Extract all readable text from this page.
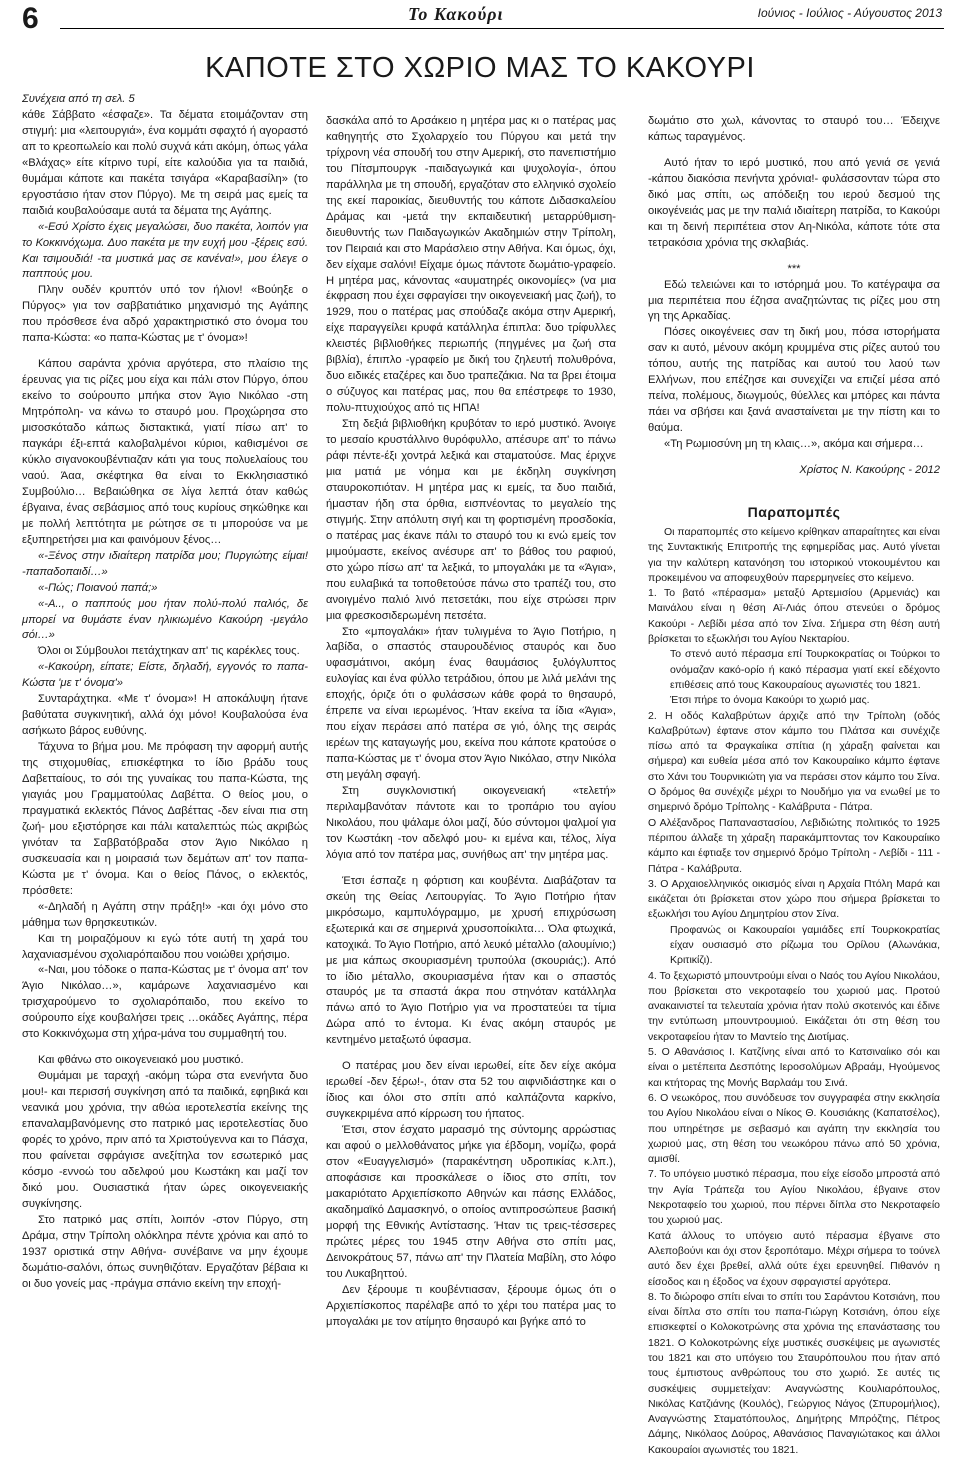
6	Το Κακούρι	Ιούνιος - Ιούλιος - Αύγουστος 2013
ΚΑΠΟΤΕ ΣΤΟ ΧΩΡΙΟ ΜΑΣ ΤΟ ΚΑΚΟΥΡΙ

Συνέχεια από τη σελ. 5

κάθε Σάββατο «έσφαζε». Τα δέματα ετοιμάζονταν στη στιγμή: μια «λειτουργιά», ένα κομμάτι σφαχτό ή αγοραστό απ το κρεοπωλείο και πολύ συχνά κάτι ακόμη, όπως γάλα «Βλάχας» είτε κίτρινο τυρί, είτε καλούδια για τα παιδιά, θυμάμαι κάποτε και πακέτα τσιγάρα «Καραβασίλη» (το εργοστάσιο ήταν στον Πύργο). Με τη σειρά μας εμείς τα παιδιά κουβαλούσαμε αυτά τα δέματα της Αγάπης.

«-Εσύ Χρίστο έχεις μεγαλώσει, δυο πακέτα, λοιπόν για το Κοκκινόχωμα. Δυο πακέτα με την ευχή μου -ξέρεις εσύ. Και τσιμουδιά! -τα μυστικά μας σε κανένα!», μου έλεγε ο παππούς μου.

Πλην ουδέν κρυπτόν υπό τον ήλιον! «Βούηξε ο Πύργος» για τον σαββατιάτικο μηχανισμό της Αγάπης που πρόσθεσε ένα αδρό χαρακτηριστικό στο όνομα του παπα-Κώστα: «ο παπα-Κώστας με τ' όνομα»!

Κάπου σαράντα χρόνια αργότερα, στο πλαίσιο της έρευνας για τις ρίζες μου είχα και πάλι στον Πύργο, όπου εκείνο το σούρουπο μπήκα στον Άγιο Νικόλαο -στη Μητρόπολη- να κάνω το σταυρό μου. Προχώρησα στο μισοσκόταδο κάπως διστακτικά, γιατί πίσω απ' το παγκάρι έξι-επτά καλοβαλμένοι κύριοι, καθισμένοι σε κύκλο σιγανοκουβέντιαζαν κάτι για τους πολυελαίους του ναού. Άαα, σκέφτηκα θα είναι το Εκκλησιαστικό Συμβούλιο… Βεβαιώθηκα σε λίγα λεπτά όταν καθώς έβγαινα, ένας σεβάσμιος από τους κυρίους σηκώθηκε και με πολλή λεπτότητα με ρώτησε σε τι μπορούσε να με εξυπηρετήσει μια και φαινόμουν ξένος…

«-Ξένος στην ιδιαίτερη πατρίδα μου; Πυργιώτης είμαι! -παπαδοπαιδί…»

«-Πώς; Ποιανού παπά;»

«-Α.., ο παππούς μου ήταν πολύ-πολύ παλιός, δε μπορεί να θυμάστε έναν ηλικιωμένο Κακούρη -μεγάλο σόι…»

Όλοι οι Σύμβουλοι πετάχτηκαν απ' τις καρέκλες τους.

«-Κακούρη, είπατε; Είστε, δηλαδή, εγγονός το παπα-Κώστα 'με τ' όνομα'»

Συνταράχτηκα. «Με τ' όνομα»! Η αποκάλυψη ήτανε βαθύτατα συγκινητική, αλλά όχι μόνο! Κουβαλούσα ένα ασήκωτο βάρος ευθύνης.

Τάχυνα το βήμα μου. Με πρόφαση την αφορμή αυτής της στιχομυθίας, επισκέφτηκα το ίδιο βράδυ τους Δαβετταίους, το σόι της γυναίκας του παπα-Κώστα, της γιαγιάς μου Γραμματούλας Δαβέττα. Ο θείος μου, ο πραγματικά εκλεκτός Πάνος Δαβέττας -δεν είναι πια στη ζωή- μου εξιστόρησε και πάλι καταλεπτώς πώς ακριβώς γινόταν τα Σαββατόβραδα στον Άγιο Νικόλαο η συσκευασία και η μοιρασιά των δεμάτων απ' τον παπα-Κώστα με τ' όνομα. Και ο θείος Πάνος, ο εκλεκτός, πρόσθετε:

«-Δηλαδή η Αγάπη στην πράξη!» -και όχι μόνο στο μάθημα των θρησκευτικών.

Και τη μοιραζόμουν κι εγώ τότε αυτή τη χαρά του λαχανιασμένου σχολιαρόπαιδου που νοιώθει χρήσιμο.

«-Ναι, μου τόδοκε ο παπα-Κώστας με τ' όνομα απ' τον Άγιο Νικόλαο…», καμάρωνε λαχανιασμένο και τρισχαρούμενο το σχολιαρόπαιδο, που εκείνο το σούρουπο είχε κουβαλήσει τρεις …οκάδες Αγάπης, πέρα στο Κοκκινόχωμα στη χήρα-μάνα του συμμαθητή του.

Και φθάνω στο οικογενειακό μου μυστικό.

Θυμάμαι με ταραχή -ακόμη τώρα στα ενενήντα δυο μου!- και περισσή συγκίνηση από τα παιδικά, εφηβικά και νεανικά μου χρόνια, την αθώα ιεροτελεστία εκείνης της επαναλαμβανόμενης στο πατρικό μας ιεροτελεστίας δυο φορές το χρόνο, πριν από τα Χριστούγεννα και το Πάσχα, που φαίνεται σφράγισε ανεξίτηλα τον εσωτερικό μας κόσμο -εννοώ του αδελφού μου Κωστάκη και μαζί τον δικό μου. Ουσιαστικά ήταν ώρες οικογενειακής συγκίνησης.

Στο πατρικό μας σπίτι, λοιπόν -στον Πύργο, στη Δράμα, στην Τρίπολη ολόκληρα πέντε χρόνια και από το 1937 οριστικά στην Αθήνα- συνέβαινε να μην έχουμε δωμάτιο-σαλόνι, όπως συνηθιζόταν. Εργαζόταν βέβαια κι οι δυο γονείς μας -πράγμα σπάνιο εκείνη την εποχή-

δασκάλα από το Αρσάκειο η μητέρα μας κι ο πατέρας μας καθηγητής στο Σχολαρχείο του Πύργου και μετά την τρίχρονη νέα σπουδή του στην Αμερική, στο πανεπιστήμιο του Πίτσμπουργκ -παιδαγωγικά και ψυχολογία-, όπου παράλληλα με τη σπουδή, εργαζόταν στο ελληνικό σχολείο της εκεί παροικίας, διευθυντής του κάποτε Διδασκαλείου Δράμας και -μετά την εκπαιδευτική μεταρρύθμιση- διευθυντής των Παιδαγωγικών Ακαδημιών στην Τρίπολη, τον Πειραιά και στο Μαράσλειο στην Αθήνα. Και όμως, όχι, δεν είχαμε σαλόνι! Είχαμε όμως πάντοτε δωμάτιο-γραφείο. Η μητέρα μας, κάνοντας «αυματηρές οικονομίες» (να μια έκφραση που έχει σφραγίσει την οικογενειακή μας ζωή), το 1929, που ο πατέρας μας σπούδαζε ακόμα στην Αμερική, είχε παραγγείλει κρυφά κατάλληλα έπιπλα: δυο τρίφυλλες κλειστές βιβλιοθήκες περιωπής (πηγμένες μα ζωή στα βιβλία), έπιπλο -γραφείο με δική του ζηλευτή πολυθρόνα, δυο ειδικές εταζέρες και δυο τραπεζάκια. Να τα βρει έτοιμα ο σύζυγος και πατέρας μας, που θα επέστρεφε το 1930, πολυ-πτυχιούχος από τις ΗΠΑ!

Στη δεξιά βιβλιοθήκη κρυβόταν το ιερό μυστικό. Άνοιγε το μεσαίο κρυστάλλινο θυρόφυλλο, απέσυρε απ' το πάνω ράφι πέντε-έξι χοντρά λεξικά και σταματούσε. Μας έριχνε μια ματιά με νόημα και με έκδηλη συγκίνηση σταυροκοπιόταν. Η μητέρα μας κι εμείς, τα δυο παιδιά, ήμασταν ήδη στα όρθια, εισπνέοντας το μεγαλείο της στιγμής. Στην απόλυτη σιγή και τη φορτισμένη προσδοκία, ο πατέρας μας έκανε πάλι το σταυρό του κι ενώ εμείς τον μιμούμαστε, εκείνος ανέσυρε απ' το βάθος του ραφιού, στο χώρο πίσω απ' τα λεξικά, το μπογαλάκι με τα «Άγια», που ευλαβικά τα τοποθετούσε πάνω στο τραπέζι του, στο ανοιγμένο παλιό λινό πετσετάκι, που είχε στρώσει πριν μια φρεσκοσιδερωμένη πετσέτα.

Στο «μπογαλάκι» ήταν τυλιγμένα το Άγιο Ποτήριο, η λαβίδα, ο σπαστός σταυρουδένιος σταυρός και δυο υφασμάτινοι, ακόμη ένας θαυμάσιος ξυλόγλυπτος ευλογίας και ένα φύλλο τετράδιου, όπου με λιλά μελάνι της εποχής, όριζε ότι ο φυλάσσων κάθε φορά το θησαυρό, έπρεπε να είναι ιερωμένος. Ήταν εκείνα τα ίδια «Άγια», που είχαν περάσει από πατέρα σε γιό, όλης της σειράς ιερέων της καταγωγής μου, εκείνα που κάποτε κρατούσε ο παπα-Κώστας με τ' όνομα στον Άγιο Νικόλαο, στην Νικόλα στη μεγάλη σφαγή.

Στη συγκλονιστική οικογενειακή «τελετή» περιλαμβανόταν πάντοτε και το τροπάριο του αγίου Νικολάου, που ψάλαμε όλοι μαζί, δύο σύντομοι ψαλμοί για τον Κωστάκη -τον αδελφό μου- κι εμένα και, τέλος, λίγα λόγια από τον πατέρα μας, συνήθως απ' την μητέρα μας.

Έτσι έσπαζε η φόρτιση και κουβέντα. Διαβάζοταν τα σκεύη της Θείας Λειτουργίας. Το Άγιο Ποτήριο ήταν μικρόσωμο, καμπυλόγραμμο, με χρυσή επιχρύσωση εξωτερικά και σε σημερινά χρυσοποίκιλτα… Όλα φτωχικά, κατοχικά. Το Άγιο Ποτήριο, από λευκό μέταλλο (αλουμίνιο;) με μια κάπως σκουριασμένη τρυπούλα (σκουριάς;). Από το ίδιο μέταλλο, σκουριασμένα ήταν και ο σπαστός σταυρός με τα σπαστά άκρα που στηνόταν κατάλληλα πάνω από το Άγιο Ποτήριο για να προστατεύει τα τίμια Δώρα από το έντομα. Κι ένας ακόμη σταυρός με κεντημένο μεταξωτό ύφασμα.

Ο πατέρας μου δεν είναι ιερωθεί, είτε δεν είχε ακόμα ιερωθεί -δεν ξέρω!-, όταν στα 52 του αιφνιδιάστηκε και ο ίδιος και όλοι στο σπίτι από καλπάζοντα καρκίνο, συγκεκριμένα από κίρρωση του ήπατος.

Έτσι, στον έσχατο μαρασμό της σύντομης αρρώστιας και αφού ο μελλοθάνατος μήκε για έβδομη, νομίζω, φορά στον «Ευαγγελισμό» (παρακέντηση υδροπικίας κ.λπ.), αποφάσισε και προσκάλεσε ο ίδιος στο σπίτι, τον μακαριότατο Αρχιεπίσκοπο Αθηνών και πάσης Ελλάδος, ακαδημαϊκό Δαμασκηνό, ο οποίος αντιπροσώπευε βασική μορφή της Εθνικής Αντίστασης. Ήταν τις τρεις-τέσσερες πρώτες μέρες του 1945 στην Αθήνα στο σπίτι μας, Δεινοκράτους 57, πάνω απ' την Πλατεία Μαβίλη, στο λόφο του Λυκαβηττού.

Δεν ξέρουμε τι κουβέντιασαν, ξέρουμε όμως ότι ο Αρχιεπίσκοπος παρέλαβε από το χέρι του πατέρα μας το μπογαλάκι με τον ατίμητο θησαυρό και βγήκε από το

δωμάτιο στο χωλ, κάνοντας το σταυρό του… Έδειχνε κάπως ταραγμένος.

Αυτό ήταν το ιερό μυστικό, που από γενιά σε γενιά -κάπου διακόσια πενήντα χρόνια!- φυλάσσονταν τώρα στο δικό μας σπίτι, ως απόδειξη του ιερού δεσμού της οικογένειάς μας με την παλιά ιδιαίτερη πατρίδα, το Κακούρι και τη δεινή περιπέτεια στον Αη-Νικόλα, κάποτε τότε στα τετρακόσια χρόνια της σκλαβιάς.

***

Εδώ τελειώνει και το ιστόρημά μου. Το κατέγραψα σα μια περιπέτεια που έζησα αναζητώντας τις ρίζες μου στη γη της Αρκαδίας.

Πόσες οικογένειες σαν τη δική μου, πόσα ιστορήματα σαν κι αυτό, μένουν ακόμη κρυμμένα στις ρίζες αυτού του τόπου, αυτής της πατρίδας και αυτού του λαού των Ελλήνων, που επέζησε και συνεχίζει να επιζεί μέσα από πείνα, πολέμους, διωγμούς, θύελλες και μπόρες και πάντα πάει να σβήσει και ξανά ανασταίνεται με την πίστη και το θαύμα.

«Τη Ρωμιοσύνη μη τη κλαις…», ακόμα και σήμερα…

Χρίστος Ν. Κακούρης - 2012

Παραπομπές

Οι παραπομπές στο κείμενο κρίθηκαν απαραίτητες και είναι της Συντακτικής Επιτροπής της εφημερίδας μας. Αυτό γίνεται για την καλύτερη κατανόηση του ιστορικού ντοκουμέντου και προκειμένου να αποφευχθούν παρερμηνείες στο κείμενο.

1. Το βατό «πέρασμα» μεταξύ Αρτεμισίου (Αρμενιάς) και Μαινάλου είναι η θέση Αϊ-Λιάς όπου στενεύει ο δρόμος Κακούρι - Λεβίδι μέσα από τον Σίνα. Σήμερα στη θέση αυτή βρίσκεται το εξωκλήσι του Αγίου Νεκταρίου.

Το στενό αυτό πέρασμα επί Τουρκοκρατίας οι Τούρκοι το ονόμαζαν κακό-ορίο ή κακό πέρασμα γιατί εκεί εδέχοντο επιθέσεις από τους Κακουραίους αγωνιστές του 1821.

Έτσι πήρε το όνομα Κακούρι το χωριό μας.

2. Η οδός Καλαβρύτων άρχιζε από την Τρίπολη (οδός Καλαβρύτων) έφτανε στον κάμπο του Πλάτσα και συνέχιζε πίσω από τα Φραγκαίικα σπίτια (η χάραξη φαίνεται και σήμερα) και ευθεία μέσα από τον Κακουραίικο κάμπο έφτανε στο Χάνι του Τουρνικιώτη για να περάσει στον κάμπο του Σίνα. Ο δρόμος θα συνέχιζε μέχρι το Νουδήμο για να ενωθεί με το σημερινό δρόμο Τρίπολης - Καλάβρυτα - Πάτρα.

Ο Αλέξανδρος Παπαναστασίου, Λεβιδιώτης πολιτικός το 1925 πέριπου άλλαξε τη χάραξη παρακάμπτοντας τον Κακουραίικο κάμπο και έφτιαξε τον σημερινό δρόμο Τρίπολη - Λεβίδι - 111 - Πάτρα - Καλάβρυτα.

3. Ο Αρχαιοελληνικός οικισμός είναι η Αρχαία Πτόλη Μαρά και εικάζεται ότι βρίσκεται στον χώρο που σήμερα βρίσκεται το εξωκλήσι του Αγίου Δημητρίου στον Σίνα.

Προφανώς οι Κακουραίοι γαμιάδες επί Τουρκοκρατίας είχαν ουσιασμό στο ρίζωμα του Ορίλου (Αλωνάκια, Κριτικίζι).

4. Το ξεχωριστό μπουντρούμι είναι ο Ναός του Αγίου Νικολάου, που βρίσκεται στο νεκροταφείο του χωριού μας. Προτού ανακαινιστεί τα τελευταία χρόνια ήταν πολύ σκοτεινός και έδινε την εντύπωση μπουντρουμιού. Εικάζεται ότι στη θέση του νεκροταφείου ήταν το Μαντείο της Διοτίμας.

5. Ο Αθανάσιος Ι. Κατζίνης είναι από το Κατσιναίικο σόι και είναι ο μετέπειτα Δεσπότης Ιεροσολύμων Αβραάμ, Ηγούμενος και κτήτορας της Μονής Βαρλαάμ του Σινά.

6. Ο νεωκόρος, που συνόδευσε τον συγγραφέα στην εκκλησία του Αγίου Νικολάου είναι ο Νίκος Θ. Κουσιάκης (Καπατσέλος), που υπηρέτησε με σεβασμό και αγάπη την εκκλησία του χωριού μας, στη θέση του νεωκόρου πάνω από 50 χρόνια, αμισθί.

7. Το υπόγειο μυστικό πέρασμα, που είχε είσοδο μπροστά από την Αγία Τράπεζα του Αγίου Νικολάου, έβγαινε στον Νεκροταφείο του χωριού, που πέρνει δίπλα στο Νεκροταφείο του χωριού μας.

Κατά άλλους το υπόγειο αυτό πέρασμα έβγαινε στο Αλεποβούνι και όχι στον ξεροπόταμο. Μέχρι σήμερα το τούνελ αυτό δεν έχει βρεθεί, αλλά ούτε έχει ερευνηθεί. Πιθανόν η είσοδος και η έξοδος να έχουν σφραγιστεί αργότερα.

8. Το διώροφο σπίτι είναι το σπίτι του Σαράντου Κοτσιάνη, που είναι δίπλα στο σπίτι του παπα-Γιώργη Κοτσιάνη, όπου είχε επισκεφτεί ο Κολοκοτρώνης στα χρόνια της επανάστασης του 1821. Ο Κολοκοτρώνης είχε μυστικές συσκέψεις με αγωνιστές του 1821 και στο υπόγειο του Σταυρόπουλου που ήταν από τους έμπιστους ανθρώπους του στο χωριό. Σε αυτές τις συσκέψεις συμμετείχαν: Αναγνώστης Κουλιαρόπουλος, Νικόλας Κατζιάνης (Κουλός), Γεώργιος Νάγος (Σπυρομήλιος), Αναγνώστης Σταματόπουλος, Δημήτρης Μπρόζτης, Πέτρος Δάμης, Νικόλαος Δούρος, Αθανάσιος Παναγιώτακος και άλλοι Κακουραίοι αγωνιστές του 1821.
